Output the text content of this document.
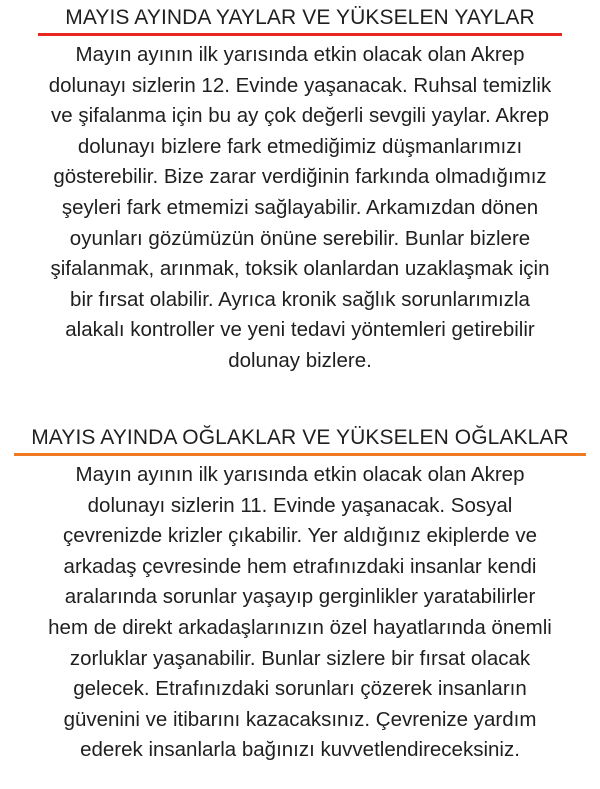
MAYIS AYINDA YAYLAR VE YÜKSELEN YAYLAR

Mayın ayının ilk yarısında etkin olacak olan Akrep
dolunayı sizlerin 12. Evinde yaşanacak. Ruhsal temizlik
ve şifalanma için bu ay çok değerli sevgili yaylar. Akrep
dolunayı bizlere fark etmediğimiz düşmanlarımızı
gösterebilir. Bize zarar verdiğinin farkında olmadığımız
şeyleri fark etmemizi sağlayabilir. Arkamızdan dönen
oyunları gözümüzün önüne serebilir. Bunlar bizlere
şifalanmak, arınmak, toksik olanlardan uzaklaşmak için
bir fırsat olabilir. Ayrıca kronik sağlık sorunlarımızla
alakalı kontroller ve yeni tedavi yöntemleri getirebilir
dolunay bizlere.

MAYIS AYINDA OĞLAKLAR VE YÜKSELEN OĞLAKLAR

Mayın ayının ilk yarısında etkin olacak olan Akrep
dolunayı sizlerin 11. Evinde yaşanacak. Sosyal
çevrenizde krizler çıkabilir. Yer aldığınız ekiplerde ve
arkadaş çevresinde hem etrafınızdaki insanlar kendi
aralarında sorunlar yaşayıp gerginlikler yaratabilirler
hem de direkt arkadaşlarınızın özel hayatlarında önemli
zorluklar yaşanabilir. Bunlar sizlere bir fırsat olacak
gelecek. Etrafınızdaki sorunları çözerek insanların
güvenini ve itibarını kazacaksınız. Çevrenize yardım
ederek insanlarla bağınızı kuvvetlendireceksiniz.
